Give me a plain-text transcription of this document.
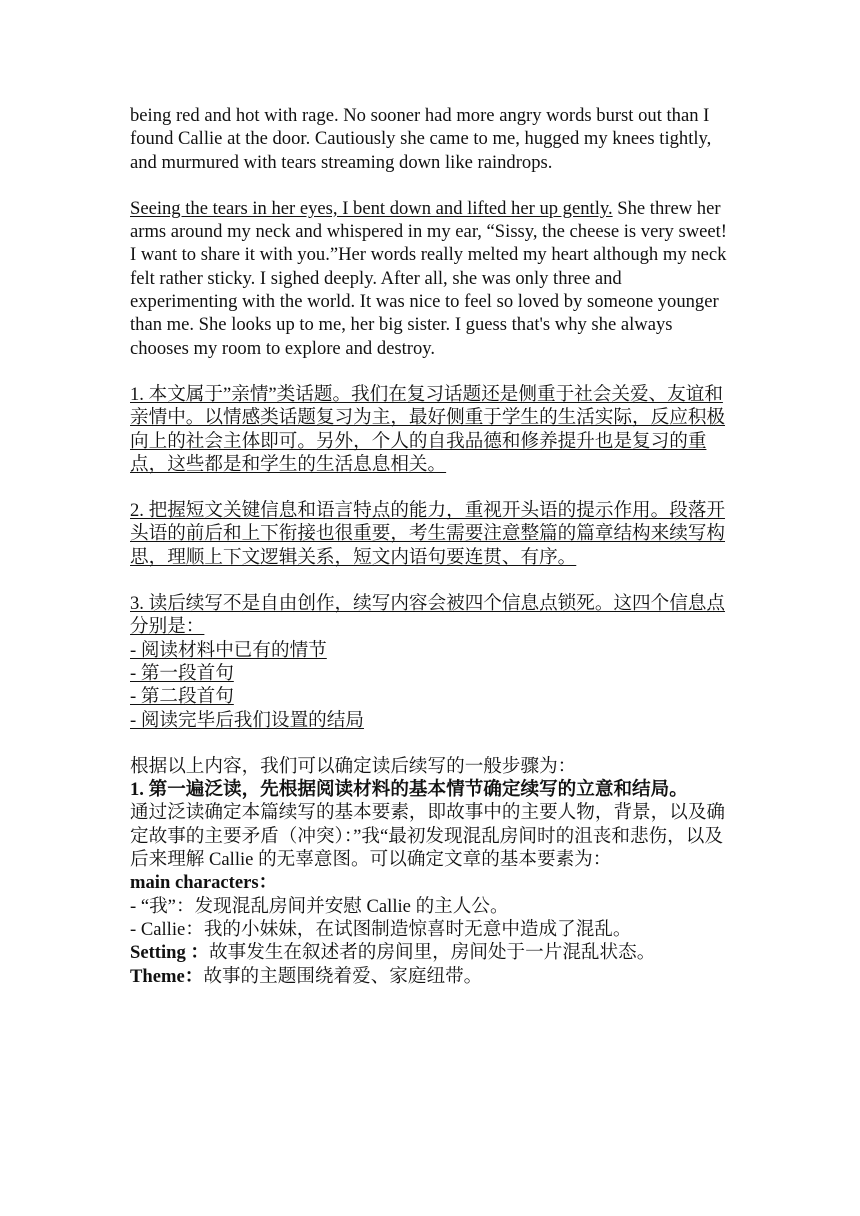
being red and hot with rage. No sooner had more angry words burst out than I found Callie at the door. Cautiously she came to me, hugged my knees tightly, and murmured with tears streaming down like raindrops.

Seeing the tears in her eyes, I bent down and lifted her up gently. She threw her arms around my neck and whispered in my ear, “Sissy, the cheese is very sweet! I want to share it with you.”Her words really melted my heart although my neck felt rather sticky. I sighed deeply. After all, she was only three and experimenting with the world. It was nice to feel so loved by someone younger than me. She looks up to me, her big sister. I guess that's why she always chooses my room to explore and destroy.

1. 本文属于”亲情”类话题。我们在复习话题还是侧重于社会关爱、友谊和亲情中。以情感类话题复习为主，最好侧重于学生的生活实际，反应积极向上的社会主体即可。另外，个人的自我品德和修养提升也是复习的重点，这些都是和学生的生活息息相关。

2. 把握短文关键信息和语言特点的能力，重视开头语的提示作用。段落开头语的前后和上下衔接也很重要，考生需要注意整篇的篇章结构来续写构思，理顺上下文逻辑关系，短文内语句要连贯、有序。

3. 读后续写不是自由创作，续写内容会被四个信息点锁死。这四个信息点分别是：

- 阅读材料中已有的情节

- 第一段首句

- 第二段首句

- 阅读完毕后我们设置的结局

根据以上内容，我们可以确定读后续写的一般步骤为：

1. 第一遍泛读，先根据阅读材料的基本情节确定续写的立意和结局。

通过泛读确定本篇续写的基本要素，即故事中的主要人物，背景，以及确定故事的主要矛盾（冲突）：”我“最初发现混乱房间时的沮丧和悲伤，以及后来理解 Callie 的无辜意图。可以确定文章的基本要素为：

main characters：

- “我”：发现混乱房间并安慰 Callie 的主人公。

- Callie：我的小妹妹，在试图制造惊喜时无意中造成了混乱。

Setting ：故事发生在叙述者的房间里，房间处于一片混乱状态。

Theme：故事的主题围绕着爱、家庭纽带。
